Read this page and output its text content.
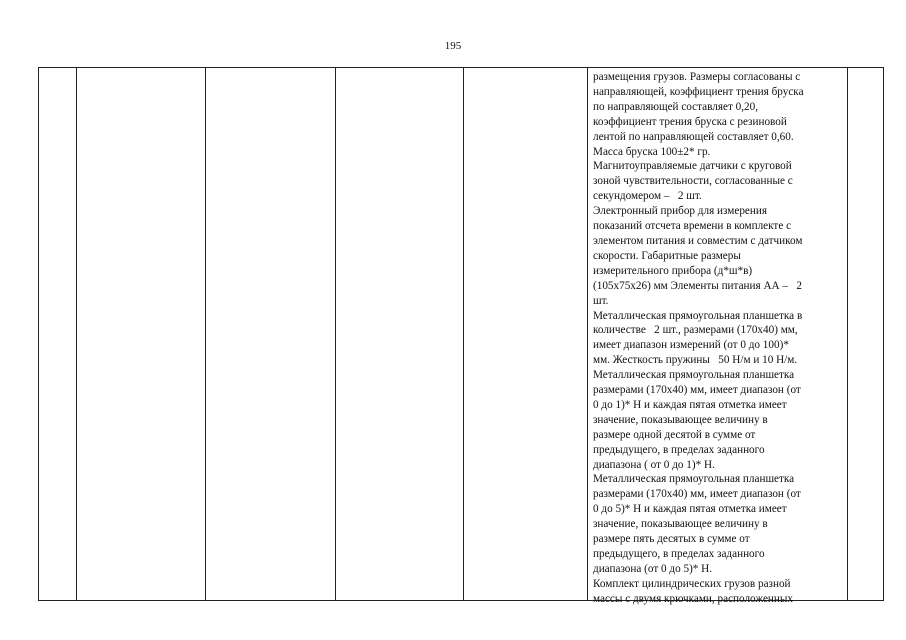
195
размещения грузов. Размеры согласованы с
направляющей, коэффициент трения бруска
по направляющей составляет 0,20,
коэффициент трения бруска с резиновой
лентой по направляющей составляет 0,60.
Масса бруска 100±2* гр.
Магнитоуправляемые датчики с круговой
зоной чувствительности, согласованные с
секундомером –   2 шт.
Электронный прибор для измерения
показаний отсчета времени в комплекте с
элементом питания и совместим с датчиком
скорости. Габаритные размеры
измерительного прибора (д*ш*в)
(105х75х26) мм Элементы питания АА –   2
шт.
Металлическая прямоугольная планшетка в
количестве   2 шт., размерами (170х40) мм,
имеет диапазон измерений (от 0 до 100)*
мм. Жесткость пружины   50 Н/м и 10 Н/м.
Металлическая прямоугольная планшетка
размерами (170х40) мм, имеет диапазон (от
0 до 1)* Н и каждая пятая отметка имеет
значение, показывающее величину в
размере одной десятой в сумме от
предыдущего, в пределах заданного
диапазона ( от 0 до 1)* Н.
Металлическая прямоугольная планшетка
размерами (170х40) мм, имеет диапазон (от
0 до 5)* Н и каждая пятая отметка имеет
значение, показывающее величину в
размере пять десятых в сумме от
предыдущего, в пределах заданного
диапазона (от 0 до 5)* Н.
Комплект цилиндрических грузов разной
массы с двумя крючками, расположенных
